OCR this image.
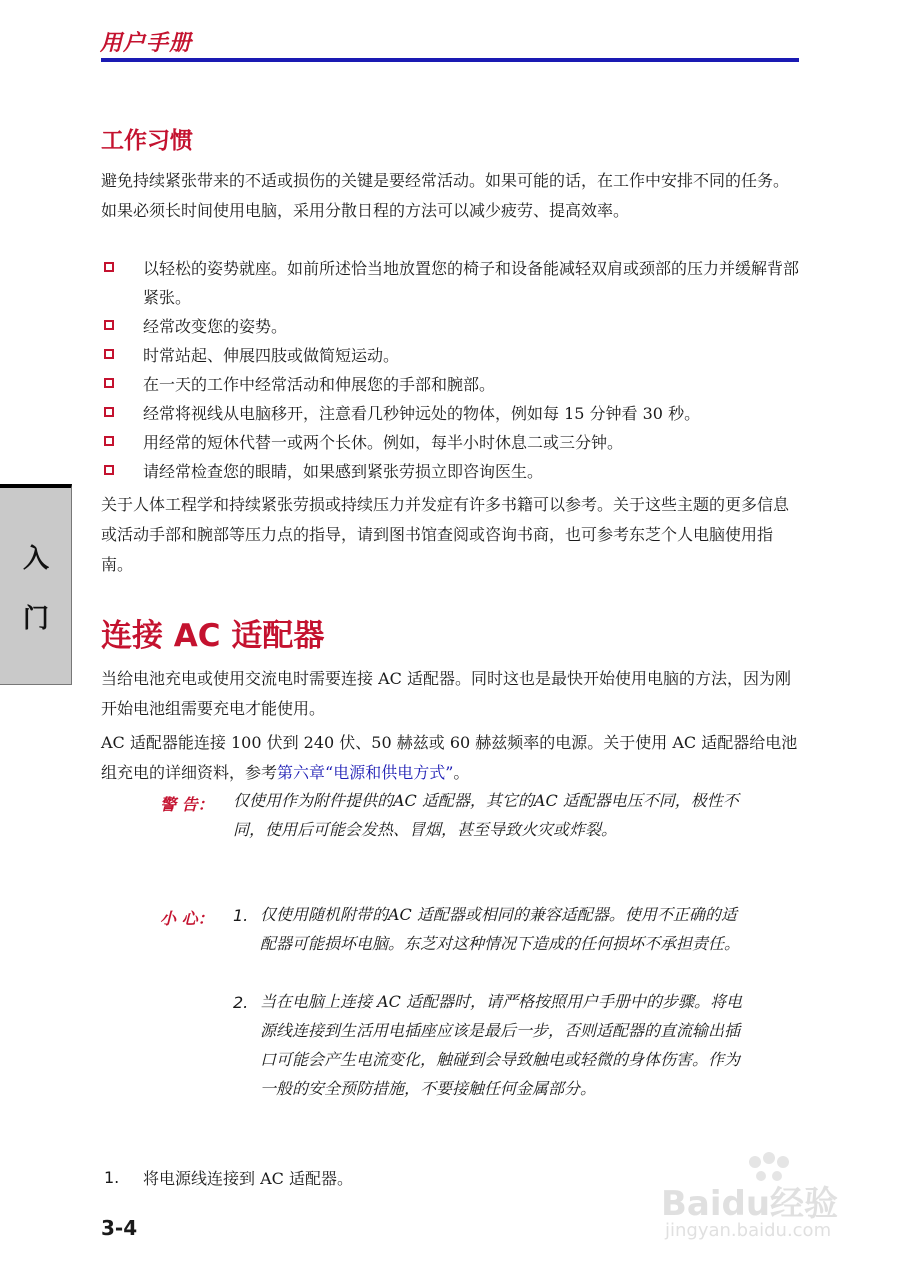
用户手册
工作习惯
避免持续紧张带来的不适或损伤的关键是要经常活动。如果可能的话，在工作中安排不同的任务。如果必须长时间使用电脑，采用分散日程的方法可以减少疲劳、提高效率。
以轻松的姿势就座。如前所述恰当地放置您的椅子和设备能减轻双肩或颈部的压力并缓解背部紧张。
经常改变您的姿势。
时常站起、伸展四肢或做简短运动。
在一天的工作中经常活动和伸展您的手部和腕部。
经常将视线从电脑移开，注意看几秒钟远处的物体，例如每 15 分钟看 30 秒。
用经常的短休代替一或两个长休。例如，每半小时休息二或三分钟。
请经常检查您的眼睛，如果感到紧张劳损立即咨询医生。
关于人体工程学和持续紧张劳损或持续压力并发症有许多书籍可以参考。关于这些主题的更多信息或活动手部和腕部等压力点的指导，请到图书馆查阅或咨询书商，也可参考东芝个人电脑使用指南。
入
门	连接 AC 适配器
当给电池充电或使用交流电时需要连接 AC 适配器。同时这也是最快开始使用电脑的方法，因为刚开始电池组需要充电才能使用。
AC 适配器能连接 100 伏到 240 伏、50 赫兹或 60 赫兹频率的电源。关于使用 AC 适配器给电池组充电的详细资料，参考第六章“电源和供电方式”。
警 告： 仅使用作为附件提供的AC 适配器，其它的AC 适配器电压不同，极性不同，使用后可能会发热、冒烟，甚至导致火灾或炸裂。
小 心： 1. 仅使用随机附带的AC 适配器或相同的兼容适配器。使用不正确的适配器可能损坏电脑。东芝对这种情况下造成的任何损坏不承担责任。
2. 当在电脑上连接 AC 适配器时，请严格按照用户手册中的步骤。将电源线连接到生活用电插座应该是最后一步，否则适配器的直流输出插口可能会产生电流变化，触碰到会导致触电或轻微的身体伤害。作为一般的安全预防措施，不要接触任何金属部分。
1. 将电源线连接到 AC 适配器。
3-4
Baidu经验
jingyan.baidu.com
